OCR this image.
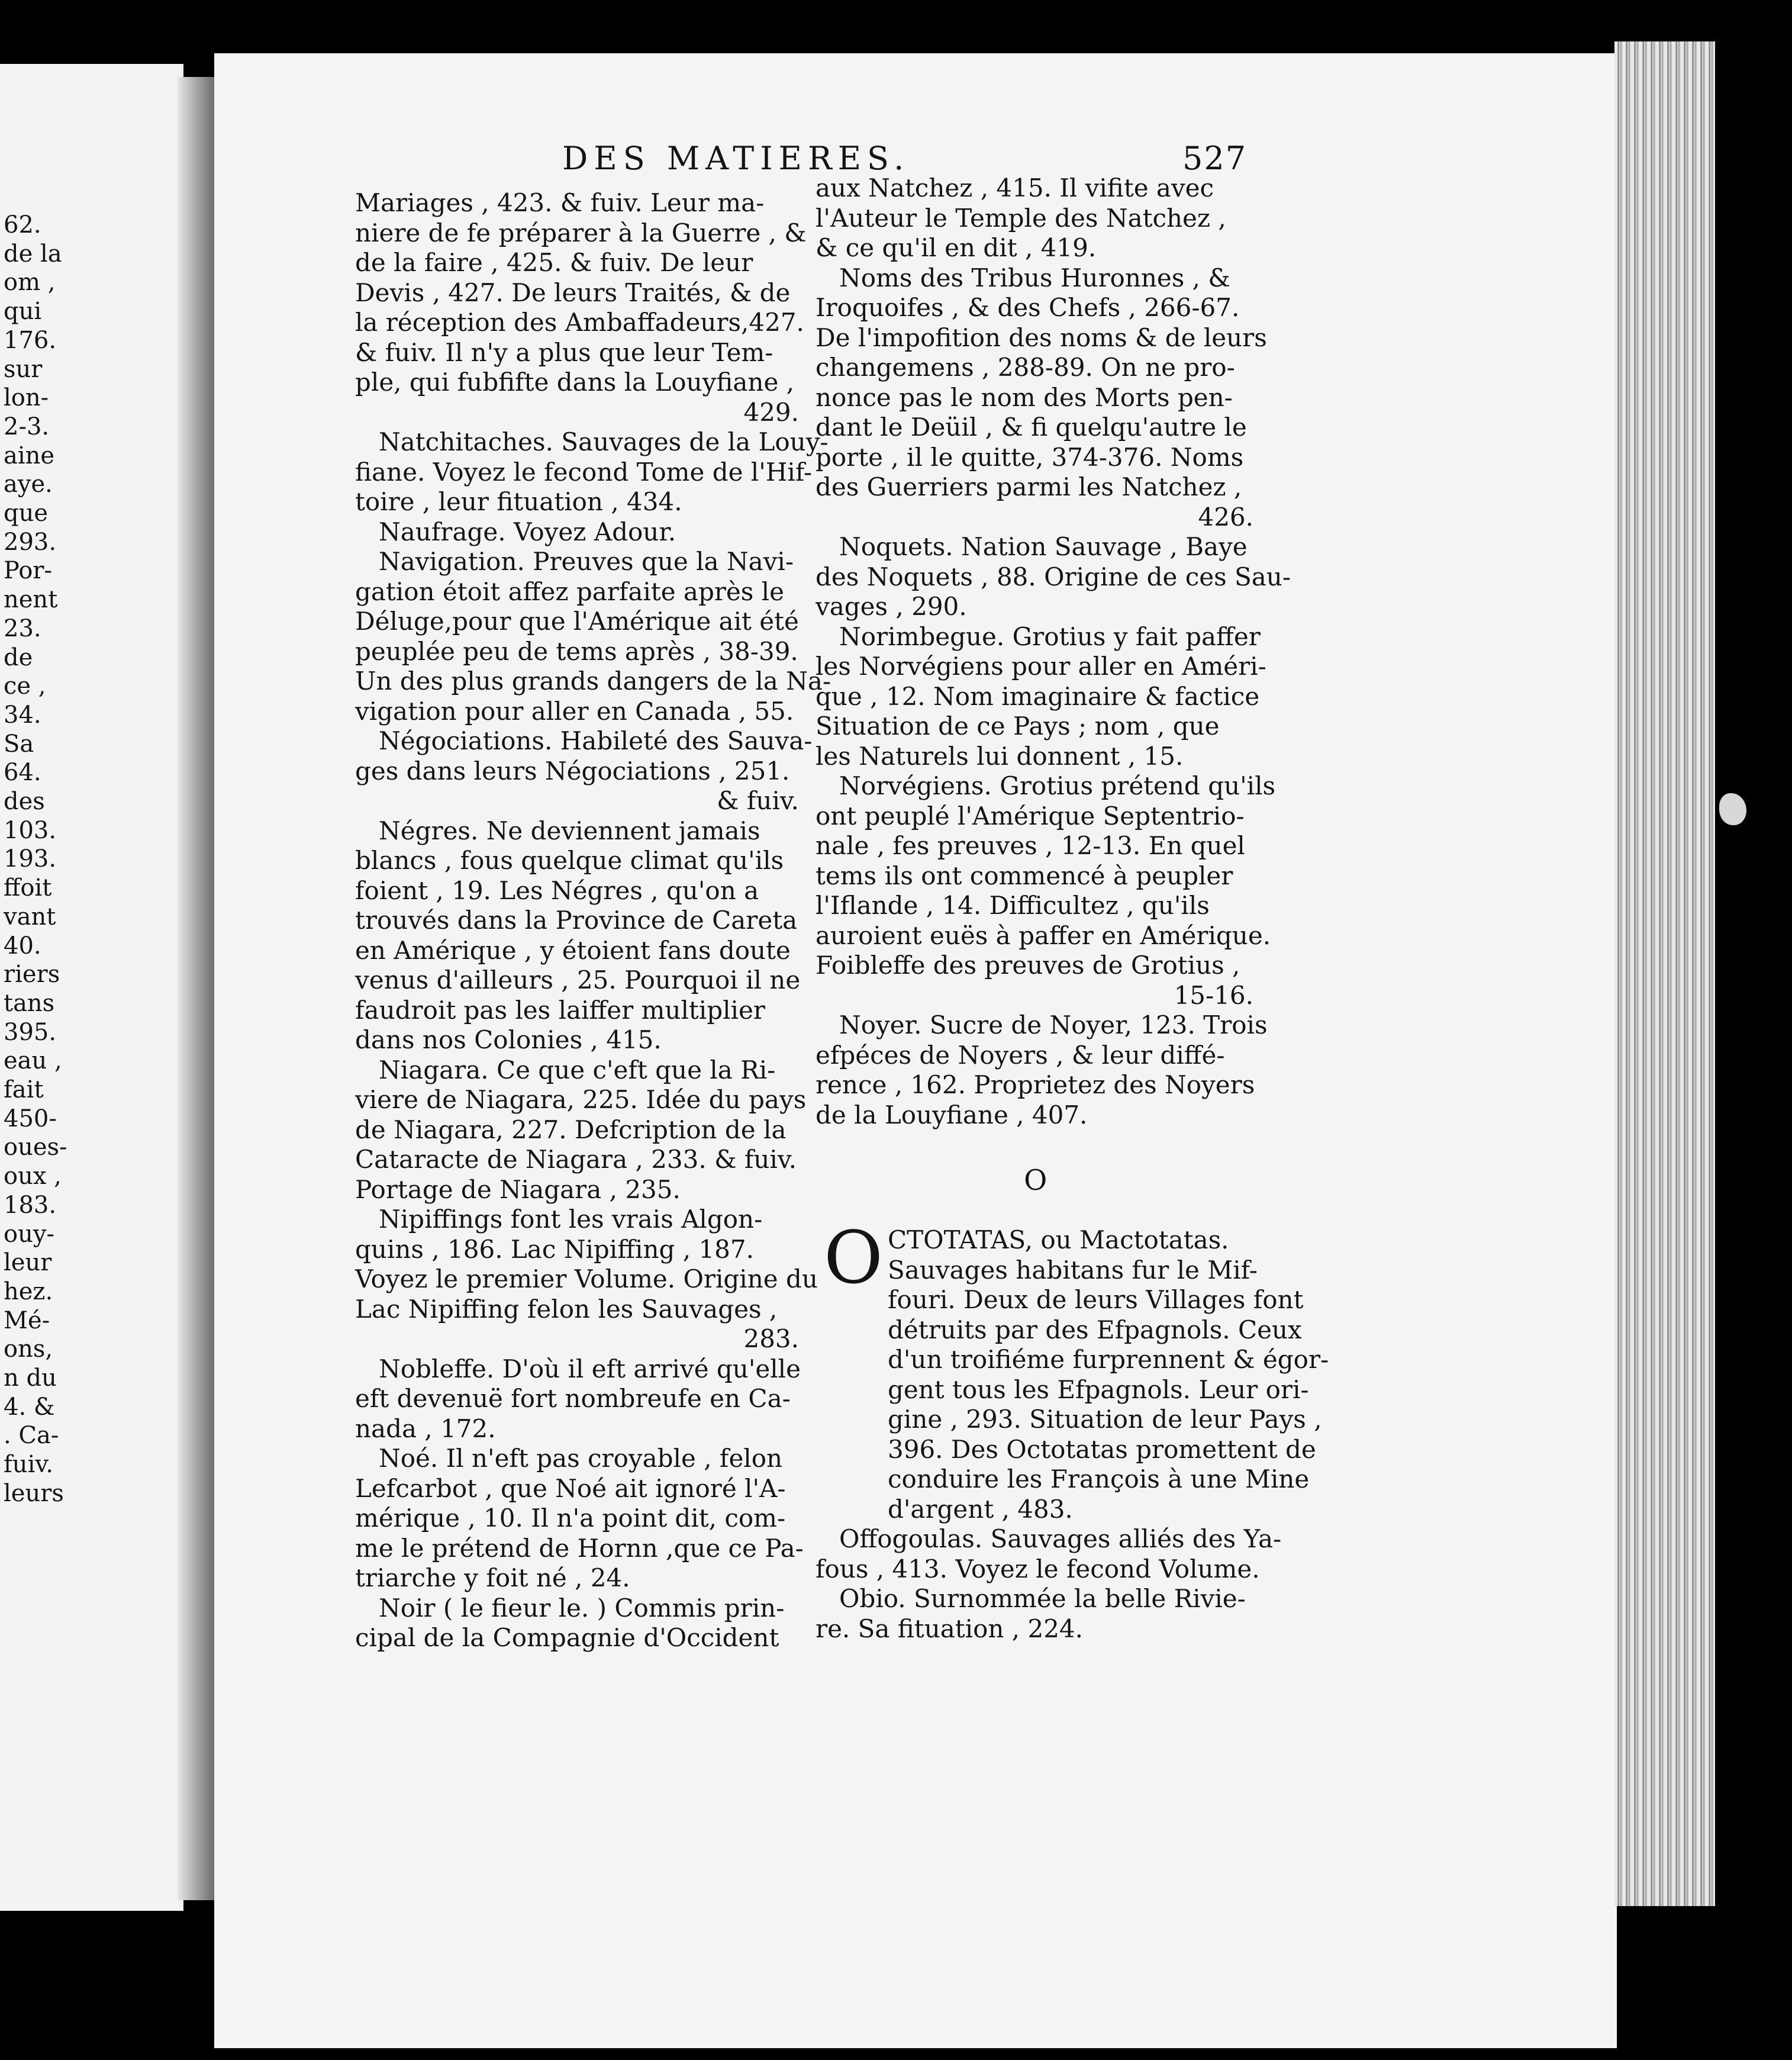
62.

de la

om ,

qui

176.

sur

lon-

2-3.

aine

aye.

que

293.

Por-

nent

23.

de

ce ,

34.

Sa

64.

des

103.

193.

ffoit

vant

40.

riers

tans

395.

eau ,

fait

450-

oues-

oux ,

183.

ouy-

leur

hez.

Mé-

ons,

n du

4. &

. Ca-

fuiv.

leurs

DES MATIERES.	527

Mariages , 423. & fuiv. Leur ma-

niere de fe préparer à la Guerre , &

de la faire , 425. & fuiv. De leur

Devis , 427. De leurs Traités, & de

la réception des Ambaffadeurs,427.

& fuiv. Il n'y a plus que leur Tem-

ple, qui fubfifte dans la Louyfiane ,

429.

Natchitaches. Sauvages de la Louy-

fiane. Voyez le fecond Tome de l'Hif-

toire , leur fituation , 434.

Naufrage. Voyez Adour.

Navigation. Preuves que la Navi-

gation étoit affez parfaite après le

Déluge,pour que l'Amérique ait été

peuplée peu de tems après , 38-39.

Un des plus grands dangers de la Na-

vigation pour aller en Canada , 55.

Négociations. Habileté des Sauva-

ges dans leurs Négociations , 251.

& fuiv.

Négres. Ne deviennent jamais

blancs , fous quelque climat qu'ils

foient , 19. Les Négres , qu'on a

trouvés dans la Province de Careta

en Amérique , y étoient fans doute

venus d'ailleurs , 25. Pourquoi il ne

faudroit pas les laiffer multiplier

dans nos Colonies , 415.

Niagara. Ce que c'eft que la Ri-

viere de Niagara, 225. Idée du pays

de Niagara, 227. Defcription de la

Cataracte de Niagara , 233. & fuiv.

Portage de Niagara , 235.

Nipiffings font les vrais Algon-

quins , 186. Lac Nipiffing , 187.

Voyez le premier Volume. Origine du

Lac Nipiffing felon les Sauvages ,

283.

Nobleffe. D'où il eft arrivé qu'elle

eft devenuë fort nombreufe en Ca-

nada , 172.

Noé. Il n'eft pas croyable , felon

Lefcarbot , que Noé ait ignoré l'A-

mérique , 10. Il n'a point dit, com-

me le prétend de Hornn ,que ce Pa-

triarche y foit né , 24.

Noir ( le fieur le. ) Commis prin-

cipal de la Compagnie d'Occident

aux Natchez , 415. Il vifite avec

l'Auteur le Temple des Natchez ,

& ce qu'il en dit , 419.

Noms des Tribus Huronnes , &

Iroquoifes , & des Chefs , 266-67.

De l'impofition des noms & de leurs

changemens , 288-89. On ne pro-

nonce pas le nom des Morts pen-

dant le Deüil , & fi quelqu'autre le

porte , il le quitte, 374-376. Noms

des Guerriers parmi les Natchez ,

426.

Noquets. Nation Sauvage , Baye

des Noquets , 88. Origine de ces Sau-

vages , 290.

Norimbegue. Grotius y fait paffer

les Norvégiens pour aller en Améri-

que , 12. Nom imaginaire & factice

Situation de ce Pays ; nom , que

les Naturels lui donnent , 15.

Norvégiens. Grotius prétend qu'ils

ont peuplé l'Amérique Septentrio-

nale , fes preuves , 12-13. En quel

tems ils ont commencé à peupler

l'Iflande , 14. Difficultez , qu'ils

auroient euës à paffer en Amérique.

Foibleffe des preuves de Grotius ,

15-16.

Noyer. Sucre de Noyer, 123. Trois

efpéces de Noyers , & leur diffé-

rence , 162. Proprietez des Noyers

de la Louyfiane , 407.

O

O CTOTATAS, ou Mactotatas.

Sauvages habitans fur le Mif-

fouri. Deux de leurs Villages font

détruits par des Efpagnols. Ceux

d'un troifiéme furprennent & égor-

gent tous les Efpagnols. Leur ori-

gine , 293. Situation de leur Pays ,

396. Des Octotatas promettent de

conduire les François à une Mine

d'argent , 483.

Offogoulas. Sauvages alliés des Ya-

fous , 413. Voyez le fecond Volume.

Obio. Surnommée la belle Rivie-

re. Sa fituation , 224.
